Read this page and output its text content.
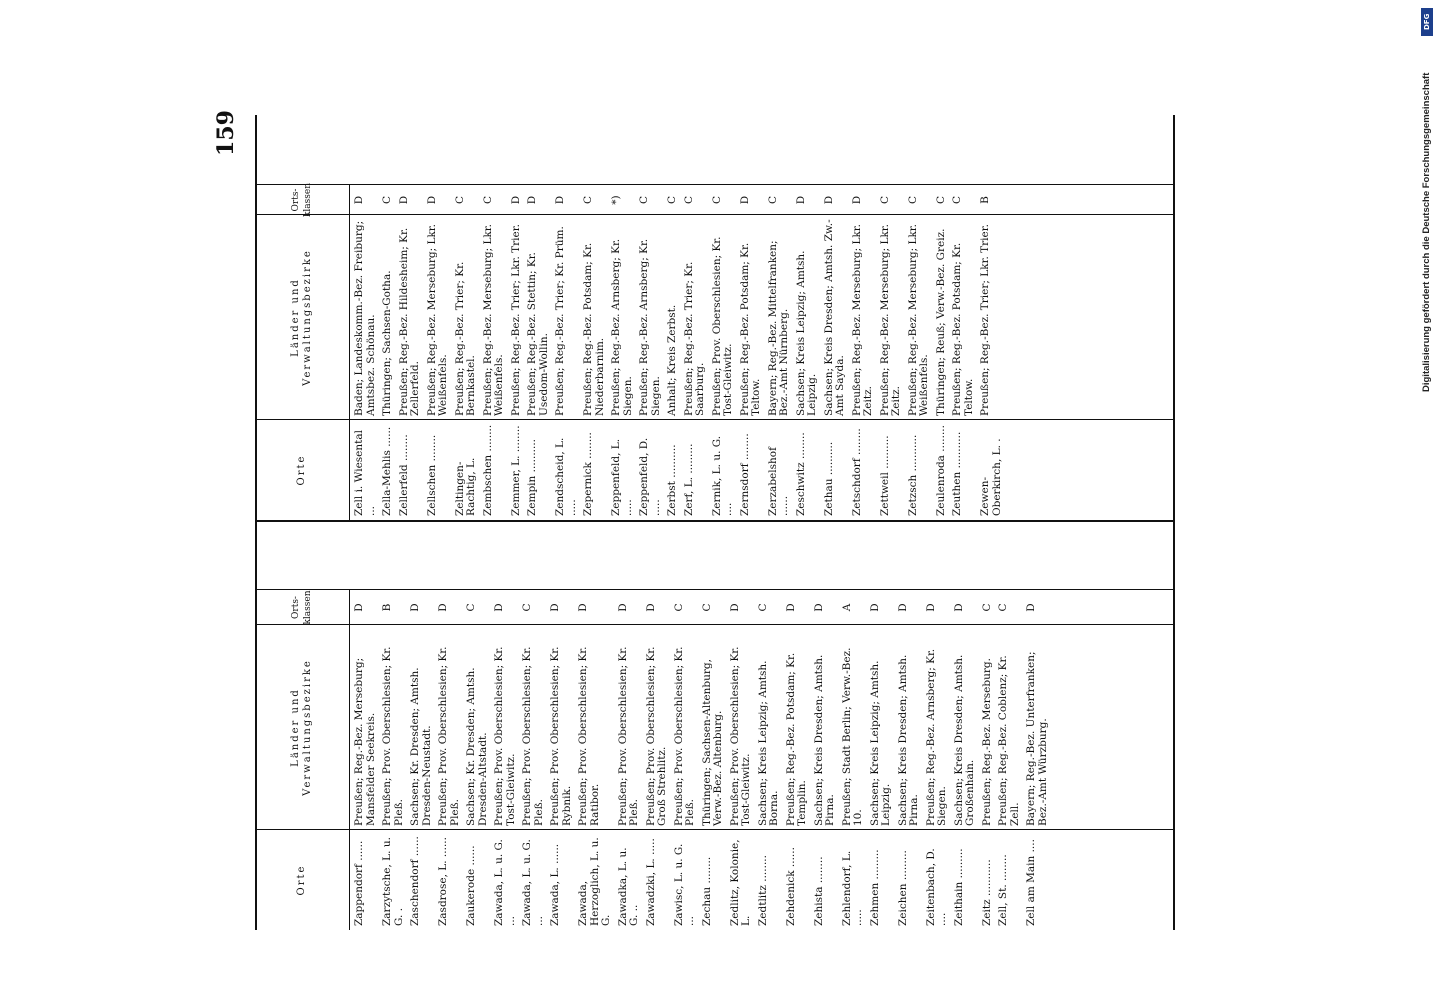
DFG
Digitalisierung gefördert durch die Deutsche Forschungsgemeinschaft
159
Orte
Länder und Verwaltungsbezirke
Orts- klassen
Zappendorf ......
Preußen; Reg.-Bez. Merseburg; Mansfelder Seekreis.
D
Zarzytsche, L. u. G. .
Preußen; Prov. Oberschlesien; Kr. Pleß.
B
Zaschendorf ......
Sachsen; Kr. Dresden; Amtsh. Dresden-Neustadt.
D
Zasdrose, L. ......
Preußen; Prov. Oberschlesien; Kr. Pleß.
D
Zaukerode ......
Sachsen; Kr. Dresden; Amtsh. Dresden-Altstadt.
C
Zawada, L. u. G. ...
Preußen; Prov. Oberschlesien; Kr. Tost-Gleiwitz.
D
Zawada, L. u. G. ...
Preußen; Prov. Oberschlesien; Kr. Pleß.
C
Zawada, L. ......
Preußen; Prov. Oberschlesien; Kr. Rybnik.
D
Zawada, Herzoglich, L. u. G.
Preußen; Prov. Oberschlesien; Kr. Ratibor.
D
Zawadka, L. u. G. ..
Preußen; Prov. Oberschlesien; Kr. Pleß.
D
Zawadzki, L. .....
Preußen; Prov. Oberschlesien; Kr. Groß Strehlitz.
D
Zawisc, L. u. G. ...
Preußen; Prov. Oberschlesien; Kr. Pleß.
C
Zechau ........
Thüringen; Sachsen-Altenburg, Verw.-Bez. Altenburg.
C
Zedlitz, Kolonie, L.
Preußen; Prov. Oberschlesien; Kr. Tost-Gleiwitz.
D
Zedtlitz ........
Sachsen; Kreis Leipzig; Amtsh. Borna.
C
Zehdenick ......
Preußen; Reg.-Bez. Potsdam; Kr. Templin.
D
Zehista ........
Sachsen; Kreis Dresden; Amtsh. Pirna.
D
Zehlendorf, L. .....
Preußen; Stadt Berlin; Verw.-Bez. 10.
A
Zehmen .........
Sachsen; Kreis Leipzig; Amtsh. Leipzig.
D
Zeichen .........
Sachsen; Kreis Dresden; Amtsh. Pirna.
D
Zeitenbach, D. ....
Preußen; Reg.-Bez. Arnsberg; Kr. Siegen.
D
Zeithain .........
Sachsen; Kreis Dresden; Amtsh. Großenhain.
D
Zeitz ...........
Preußen; Reg.-Bez. Merseburg.
C
Zell, St. ........
Preußen; Reg.-Bez. Coblenz; Kr. Zell.
C
Zell am Main ....
Bayern; Reg.-Bez. Unterfranken; Bez.-Amt Würzburg.
D
Orte
Länder und Verwaltungsbezirke
Orts- klassen
Zell i. Wiesental ...
Baden; Landeskomm.-Bez. Freiburg; Amtsbez. Schönau.
D
Zella-Mehlis ......
Thüringen; Sachsen-Gotha.
C
Zellerfeld ........
Preußen; Reg.-Bez. Hildesheim; Kr. Zellerfeld.
D
Zellschen ........
Preußen; Reg.-Bez. Merseburg; Lkr. Weißenfels.
D
Zeltingen-Rachtig, L.
Preußen; Reg.-Bez. Trier; Kr. Bernkastel.
C
Zembschen ........
Preußen; Reg.-Bez. Merseburg; Lkr. Weißenfels.
C
Zemmer, L. ........
Preußen; Reg.-Bez. Trier; Lkr. Trier.
D
Zempin ..........
Preußen; Reg.-Bez. Stettin; Kr. Usedom-Wollin.
D
Zendscheid, L. .....
Preußen; Reg.-Bez. Trier; Kr. Prüm.
D
Zepernick ........
Preußen; Reg.-Bez. Potsdam; Kr. Niederbarnim.
C
Zeppenfeld, L. .....
Preußen; Reg.-Bez. Arnsberg; Kr. Siegen.
*)
Zeppenfeld, D. .....
Preußen; Reg.-Bez. Arnsberg; Kr. Siegen.
C
Zerbst ..........
Anhalt; Kreis Zerbst.
C
Zerf, L. .........
Preußen; Reg.-Bez. Trier; Kr. Saarburg.
C
Zernik, L. u. G. ....
Preußen; Prov. Oberschlesien; Kr. Tost-Gleiwitz.
C
Zernsdorf ........
Preußen; Reg.-Bez. Potsdam; Kr. Teltow.
D
Zerzabelshof ......
Bayern; Reg.-Bez. Mittelfranken; Bez.-Amt Nürnberg.
C
Zeschwitz ........
Sachsen; Kreis Leipzig; Amtsh. Leipzig.
D
Zethau ..........
Sachsen; Kreis Dresden; Amtsh. Zw.-Amt Sayda.
D
Zetschdorf ........
Preußen; Reg.-Bez. Merseburg; Lkr. Zeitz.
D
Zettweil ..........
Preußen; Reg.-Bez. Merseburg; Lkr. Zeitz.
C
Zetzsch ...........
Preußen; Reg.-Bez. Merseburg; Lkr. Weißenfels.
C
Zeulenroda ........
Thüringen; Reuß; Verw.-Bez. Greiz.
C
Zeuthen ...........
Preußen; Reg.-Bez. Potsdam; Kr. Teltow.
C
Zewen-Oberkirch, L. .
Preußen; Reg.-Bez. Trier; Lkr. Trier.
B
